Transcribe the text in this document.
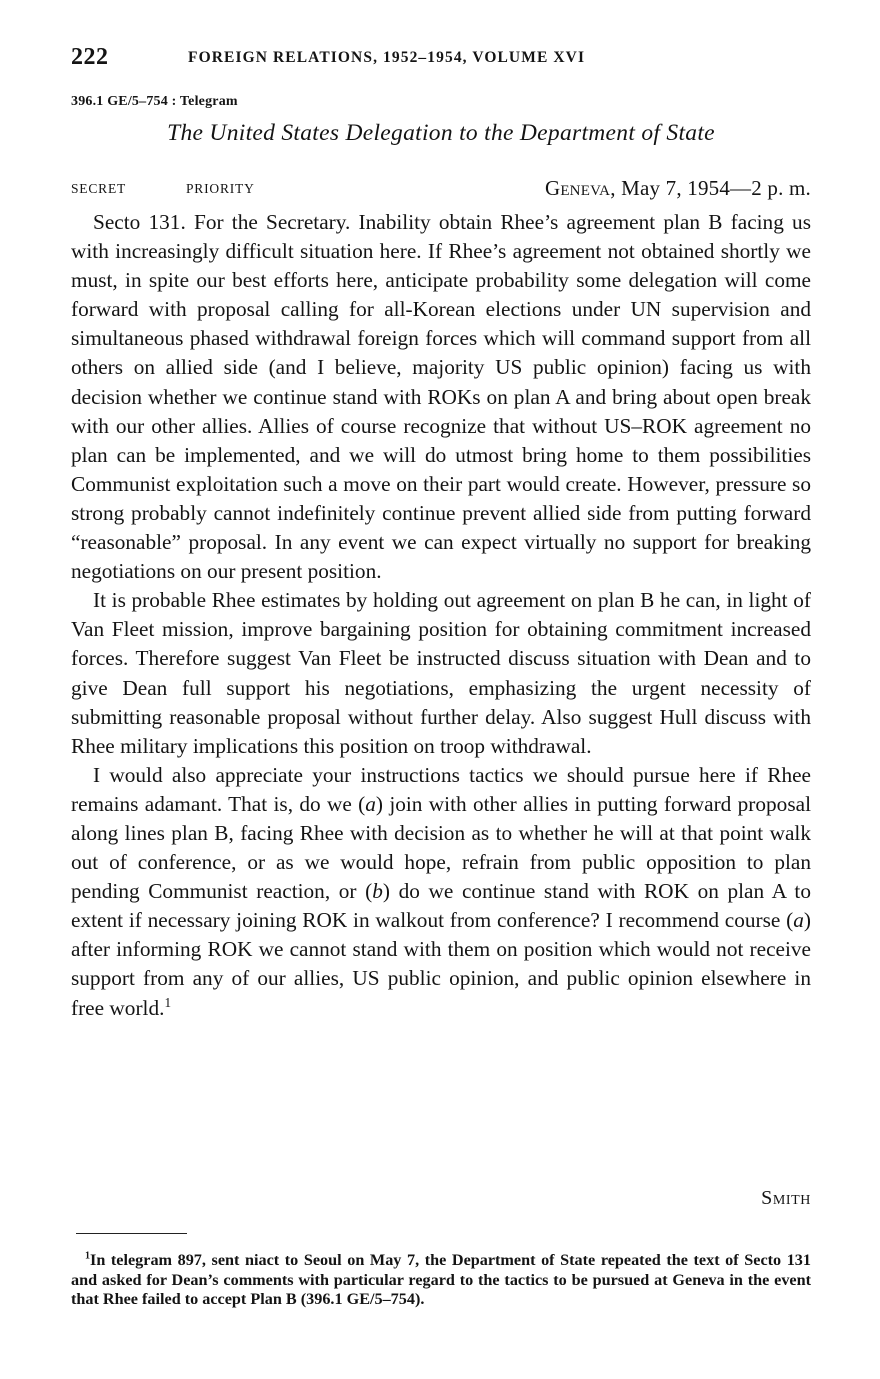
222	FOREIGN RELATIONS, 1952–1954, VOLUME XVI
396.1 GE/5–754 : Telegram
The United States Delegation to the Department of State
SECRET	PRIORITY	Geneva, May 7, 1954—2 p. m.

Secto 131. For the Secretary. Inability obtain Rhee’s agreement plan B facing us with increasingly difficult situation here. If Rhee’s agreement not obtained shortly we must, in spite our best efforts here, anticipate probability some delegation will come forward with proposal calling for all-Korean elections under UN supervision and simultaneous phased withdrawal foreign forces which will command support from all others on allied side (and I believe, majority US public opinion) facing us with decision whether we continue stand with ROKs on plan A and bring about open break with our other allies. Allies of course recognize that without US–ROK agreement no plan can be implemented, and we will do utmost bring home to them possibilities Communist exploitation such a move on their part would create. However, pressure so strong probably cannot indefinitely continue prevent allied side from putting forward “reasonable” proposal. In any event we can expect virtually no support for breaking negotiations on our present position.

It is probable Rhee estimates by holding out agreement on plan B he can, in light of Van Fleet mission, improve bargaining position for obtaining commitment increased forces. Therefore suggest Van Fleet be instructed discuss situation with Dean and to give Dean full support his negotiations, emphasizing the urgent necessity of submitting reasonable proposal without further delay. Also suggest Hull discuss with Rhee military implications this position on troop withdrawal.

I would also appreciate your instructions tactics we should pursue here if Rhee remains adamant. That is, do we (a) join with other allies in putting forward proposal along lines plan B, facing Rhee with decision as to whether he will at that point walk out of conference, or as we would hope, refrain from public opposition to plan pending Communist reaction, or (b) do we continue stand with ROK on plan A to extent if necessary joining ROK in walkout from conference? I recommend course (a) after informing ROK we cannot stand with them on position which would not receive support from any of our allies, US public opinion, and public opinion elsewhere in free world.$^1$

Smith
$^1$In telegram 897, sent niact to Seoul on May 7, the Department of State repeated the text of Secto 131 and asked for Dean’s comments with particular regard to the tactics to be pursued at Geneva in the event that Rhee failed to accept Plan B (396.1 GE/5–754).
